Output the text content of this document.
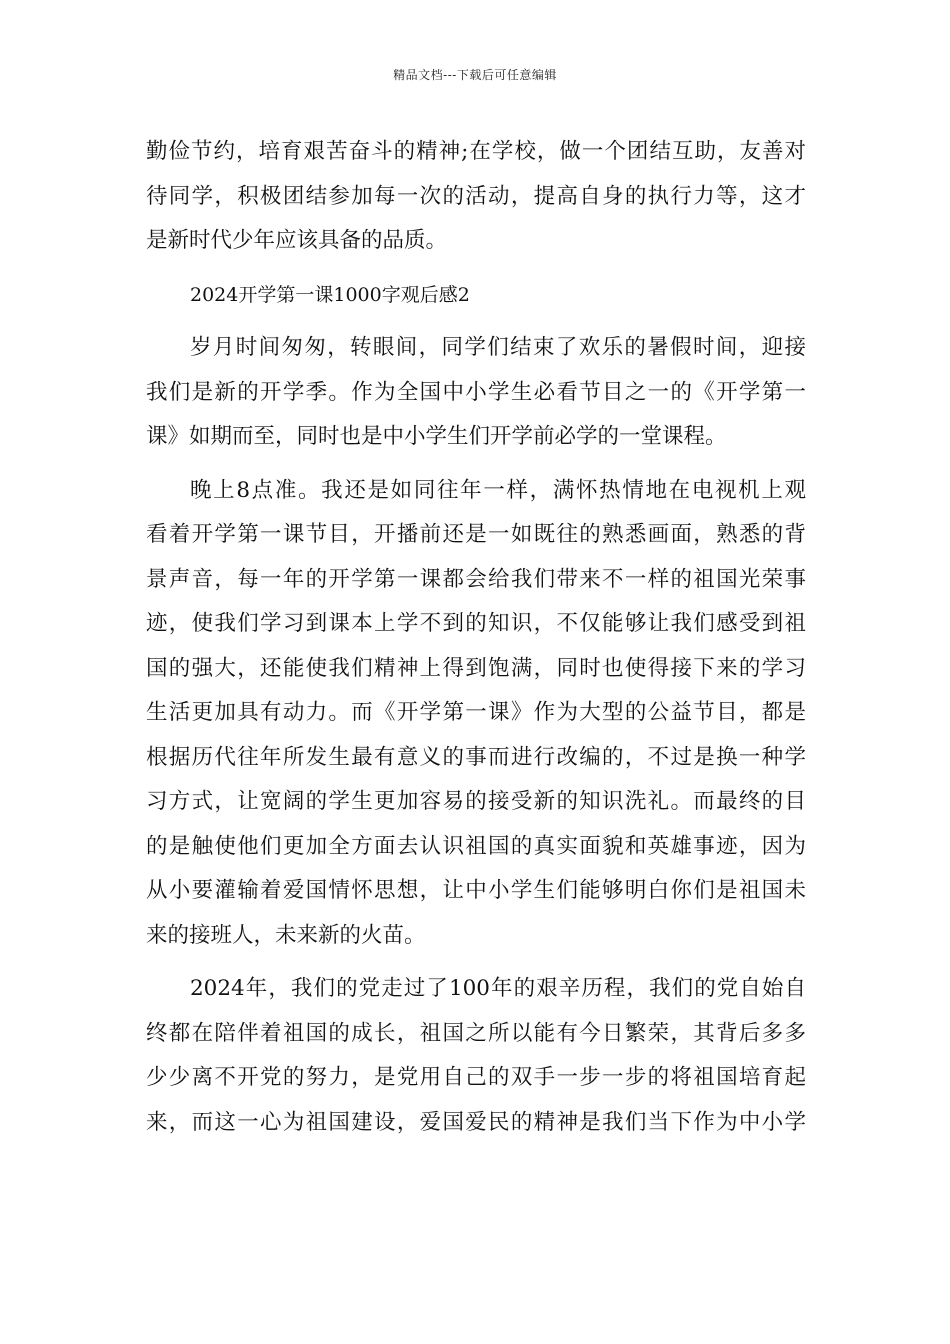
精品文档---下载后可任意编辑
勤俭节约，培育艰苦奋斗的精神;在学校，做一个团结互助，友善对
待同学，积极团结参加每一次的活动，提高自身的执行力等，这才
是新时代少年应该具备的品质。
2024开学第一课1000字观后感2
岁月时间匆匆，转眼间，同学们结束了欢乐的暑假时间，迎接
我们是新的开学季。作为全国中小学生必看节目之一的《开学第一
课》如期而至，同时也是中小学生们开学前必学的一堂课程。
晚上8点准。我还是如同往年一样，满怀热情地在电视机上观
看着开学第一课节目，开播前还是一如既往的熟悉画面，熟悉的背
景声音，每一年的开学第一课都会给我们带来不一样的祖国光荣事
迹，使我们学习到课本上学不到的知识，不仅能够让我们感受到祖
国的强大，还能使我们精神上得到饱满，同时也使得接下来的学习
生活更加具有动力。而《开学第一课》作为大型的公益节目，都是
根据历代往年所发生最有意义的事而进行改编的，不过是换一种学
习方式，让宽阔的学生更加容易的接受新的知识洗礼。而最终的目
的是触使他们更加全方面去认识祖国的真实面貌和英雄事迹，因为
从小要灌输着爱国情怀思想，让中小学生们能够明白你们是祖国未
来的接班人，未来新的火苗。
2024年，我们的党走过了100年的艰辛历程，我们的党自始自
终都在陪伴着祖国的成长，祖国之所以能有今日繁荣，其背后多多
少少离不开党的努力，是党用自己的双手一步一步的将祖国培育起
来，而这一心为祖国建设，爱国爱民的精神是我们当下作为中小学
